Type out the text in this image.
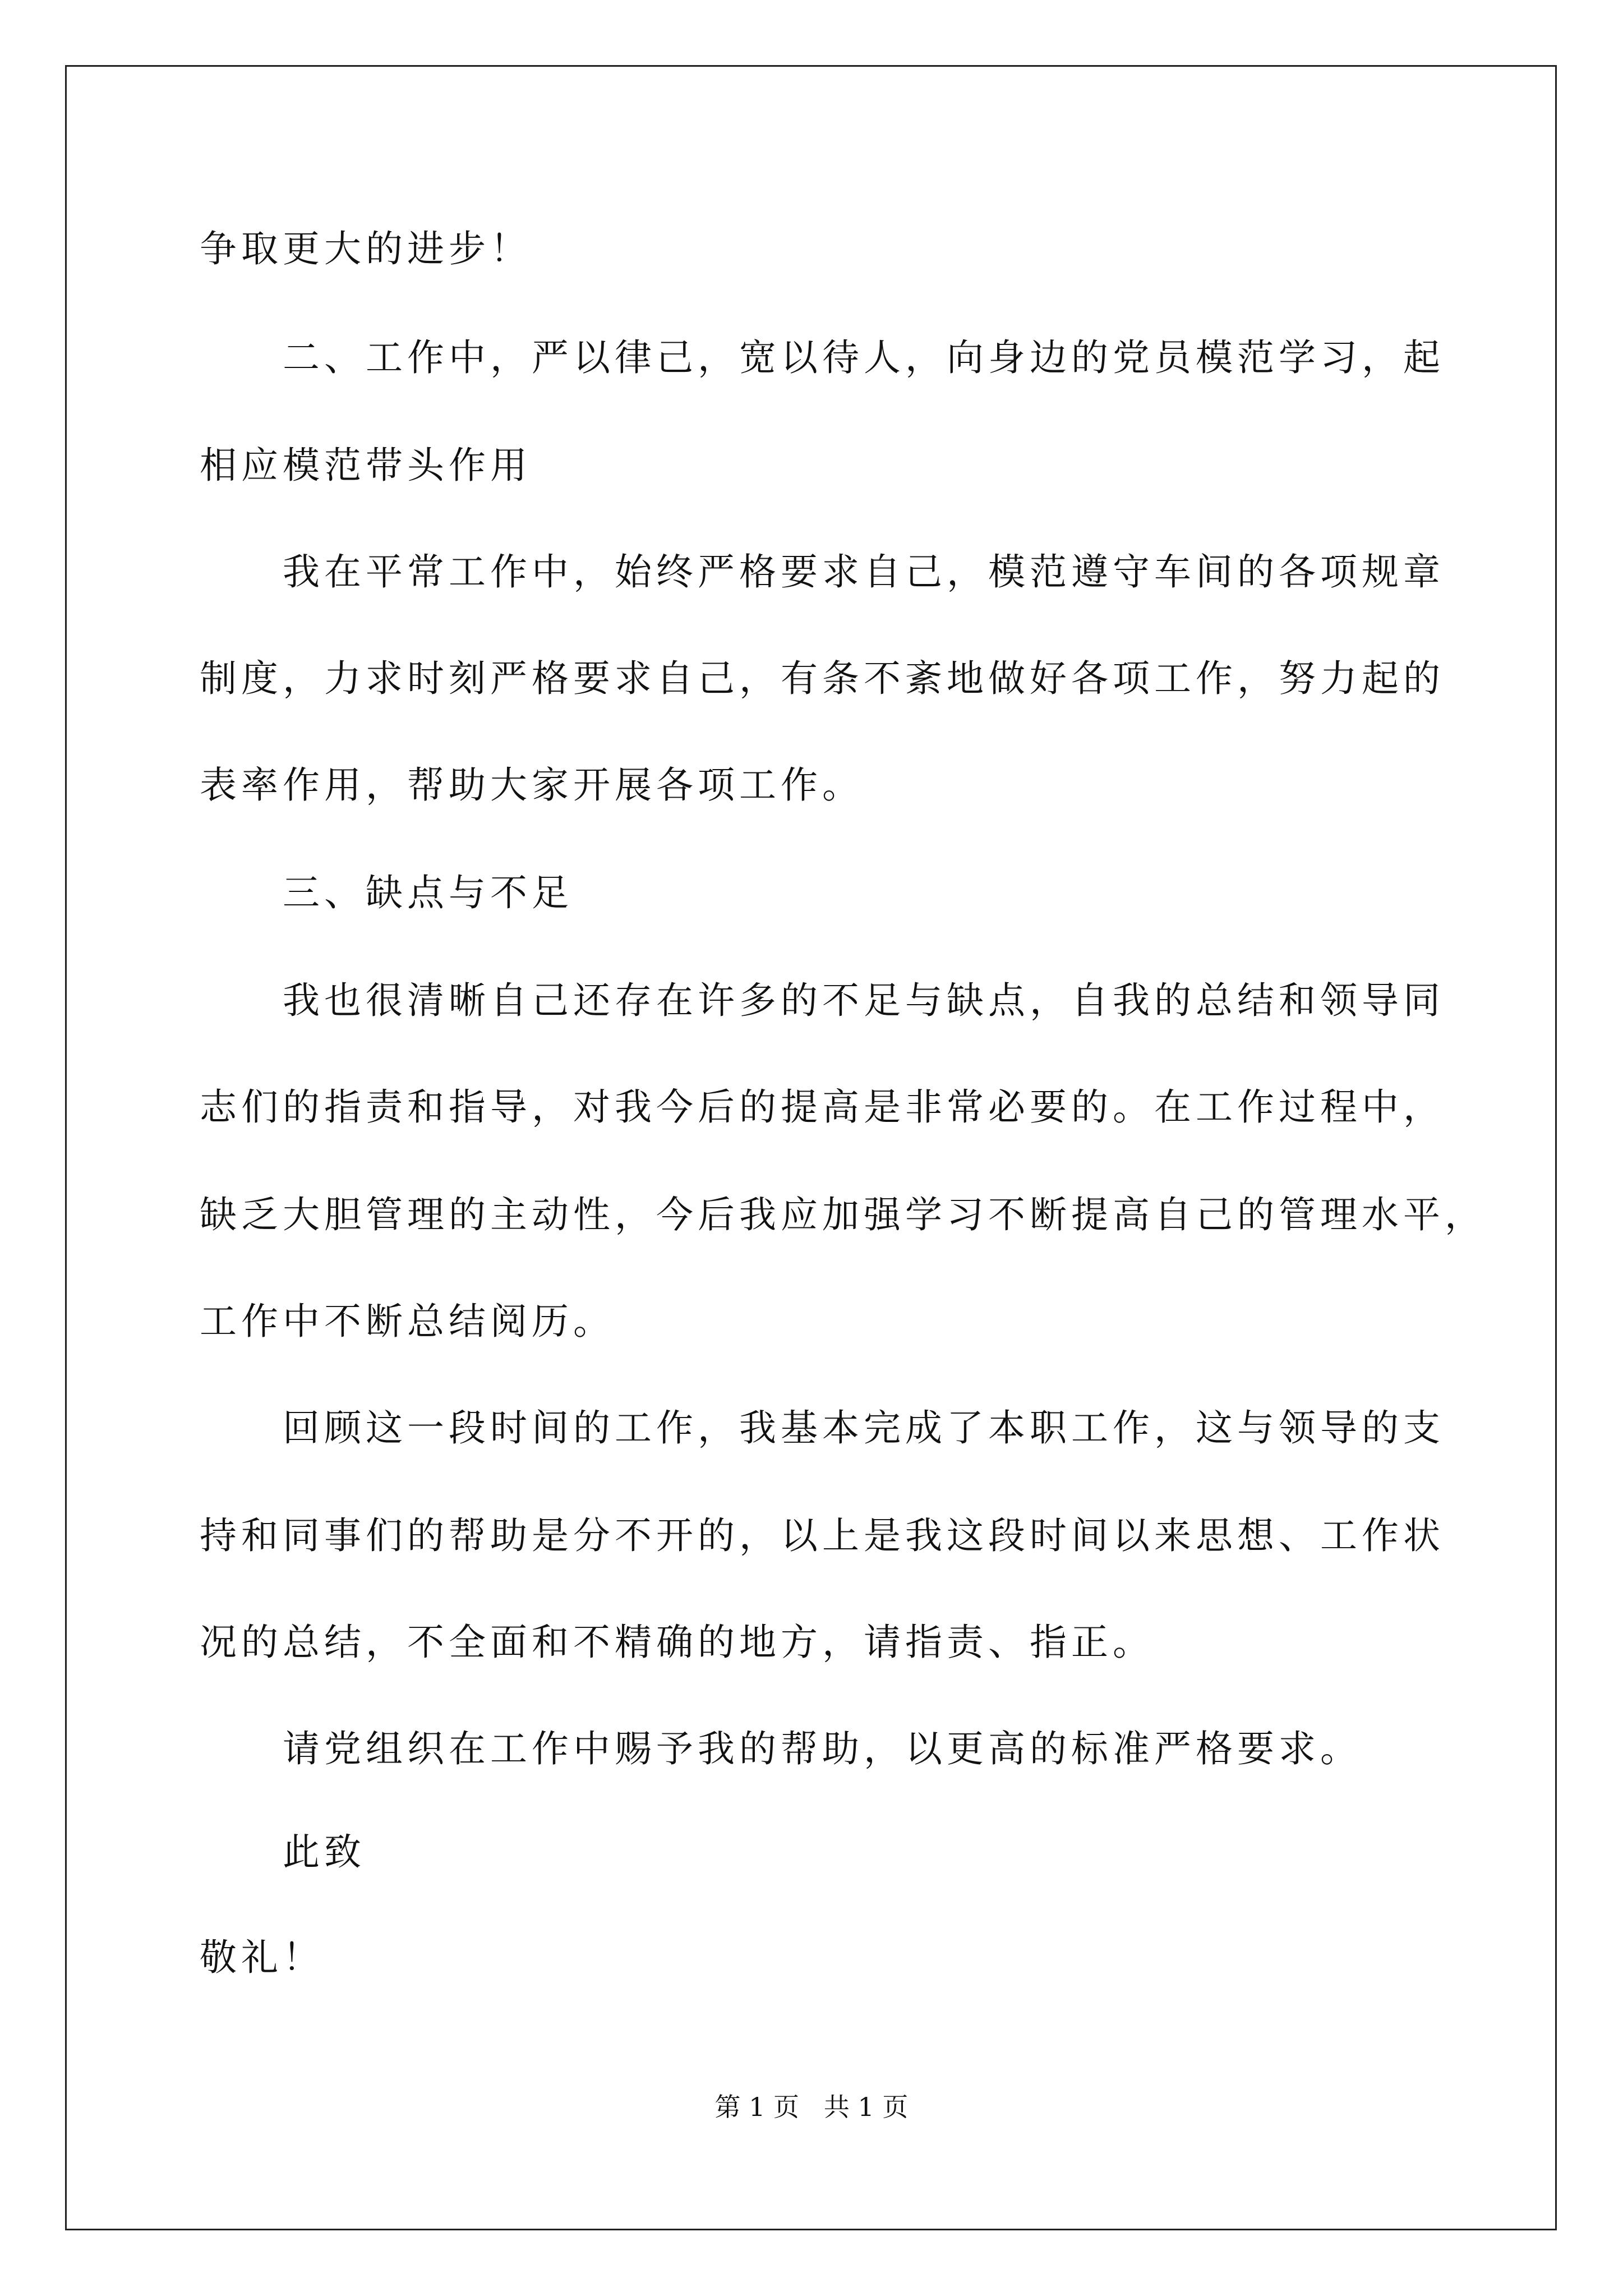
争取更大的进步！
二、工作中，严以律己，宽以待人，向身边的党员模范学习，起
相应模范带头作用
我在平常工作中，始终严格要求自己，模范遵守车间的各项规章
制度，力求时刻严格要求自己，有条不紊地做好各项工作，努力起的
表率作用，帮助大家开展各项工作。
三、缺点与不足
我也很清晰自己还存在许多的不足与缺点，自我的总结和领导同
志们的指责和指导，对我今后的提高是非常必要的。在工作过程中，
缺乏大胆管理的主动性，今后我应加强学习不断提高自己的管理水平，
工作中不断总结阅历。
回顾这一段时间的工作，我基本完成了本职工作，这与领导的支
持和同事们的帮助是分不开的，以上是我这段时间以来思想、工作状
况的总结，不全面和不精确的地方，请指责、指正。
请党组织在工作中赐予我的帮助，以更高的标准严格要求。
此致
敬礼！
第 1 页   共 1 页
